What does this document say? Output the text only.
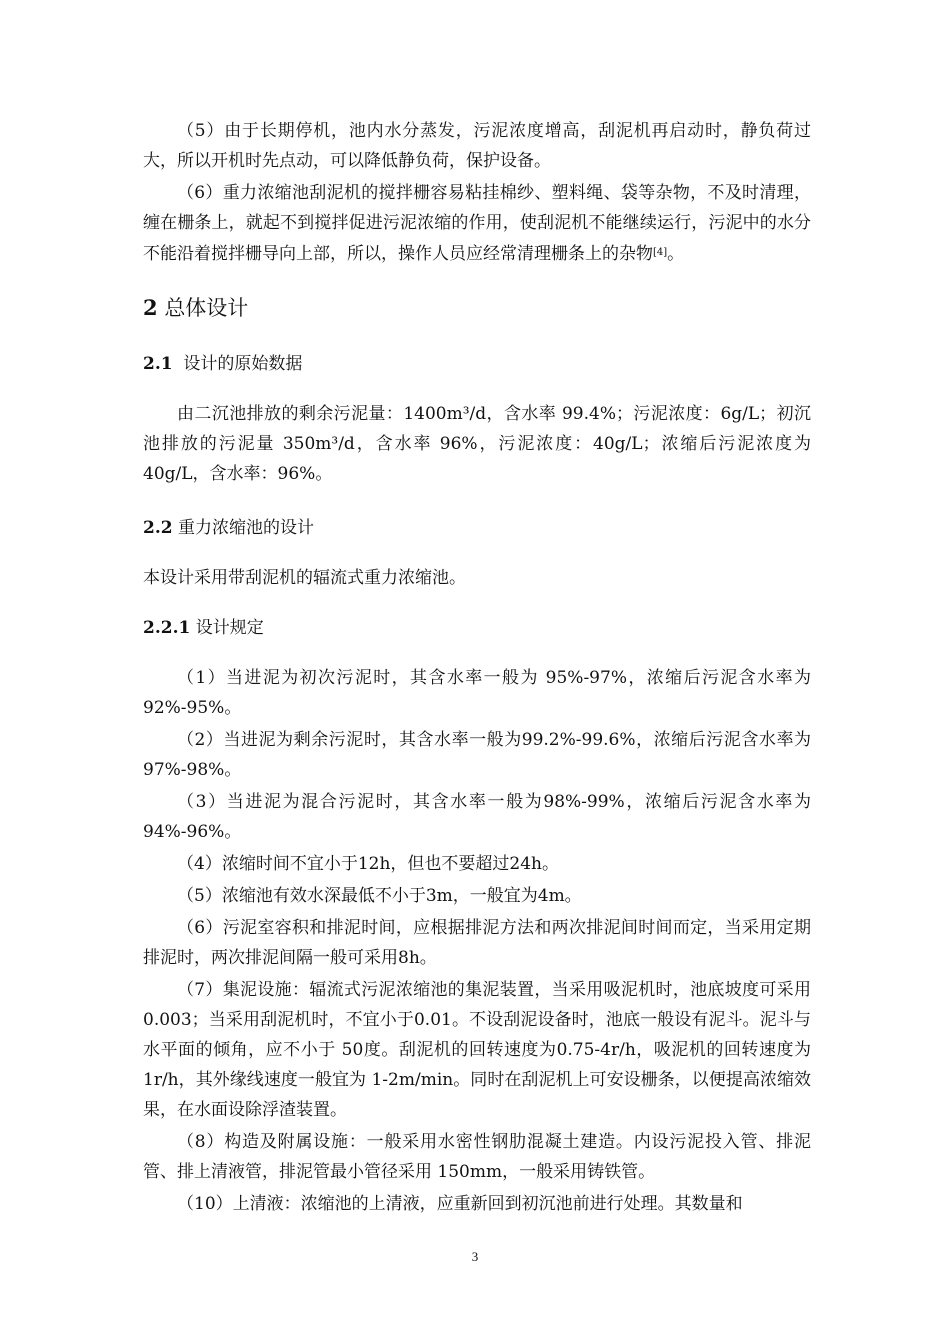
（5）由于长期停机，池内水分蒸发，污泥浓度增高，刮泥机再启动时，静负荷过大，所以开机时先点动，可以降低静负荷，保护设备。

（6）重力浓缩池刮泥机的搅拌栅容易粘挂棉纱、塑料绳、袋等杂物，不及时清理，缠在栅条上，就起不到搅拌促进污泥浓缩的作用，使刮泥机不能继续运行，污泥中的水分不能沿着搅拌栅导向上部，所以，操作人员应经常清理栅条上的杂物[4]。

2 总体设计
2.1 设计的原始数据

由二沉池排放的剩余污泥量：1400m³/d，含水率 99.4%；污泥浓度：6g/L；初沉池排放的污泥量 350m³/d，含水率 96%，污泥浓度：40g/L；浓缩后污泥浓度为 40g/L，含水率：96%。

2.2 重力浓缩池的设计

本设计采用带刮泥机的辐流式重力浓缩池。

2.2.1 设计规定

（1）当进泥为初次污泥时，其含水率一般为 95%-97%，浓缩后污泥含水率为 92%-95%。

（2）当进泥为剩余污泥时，其含水率一般为99.2%-99.6%，浓缩后污泥含水率为97%-98%。

（3）当进泥为混合污泥时，其含水率一般为98%-99%，浓缩后污泥含水率为94%-96%。

（4）浓缩时间不宜小于12h，但也不要超过24h。

（5）浓缩池有效水深最低不小于3m，一般宜为4m。

（6）污泥室容积和排泥时间，应根据排泥方法和两次排泥间时间而定，当采用定期排泥时，两次排泥间隔一般可采用8h。

（7）集泥设施：辐流式污泥浓缩池的集泥装置，当采用吸泥机时，池底坡度可采用0.003；当采用刮泥机时，不宜小于0.01。不设刮泥设备时，池底一般设有泥斗。泥斗与水平面的倾角，应不小于 50度。刮泥机的回转速度为0.75-4r/h，吸泥机的回转速度为1r/h，其外缘线速度一般宜为 1-2m/min。同时在刮泥机上可安设栅条，以便提高浓缩效果，在水面设除浮渣装置。

（8）构造及附属设施：一般采用水密性钢肋混凝土建造。内设污泥投入管、排泥管、排上清液管，排泥管最小管径采用 150mm，一般采用铸铁管。

（10）上清液：浓缩池的上清液，应重新回到初沉池前进行处理。其数量和

3
